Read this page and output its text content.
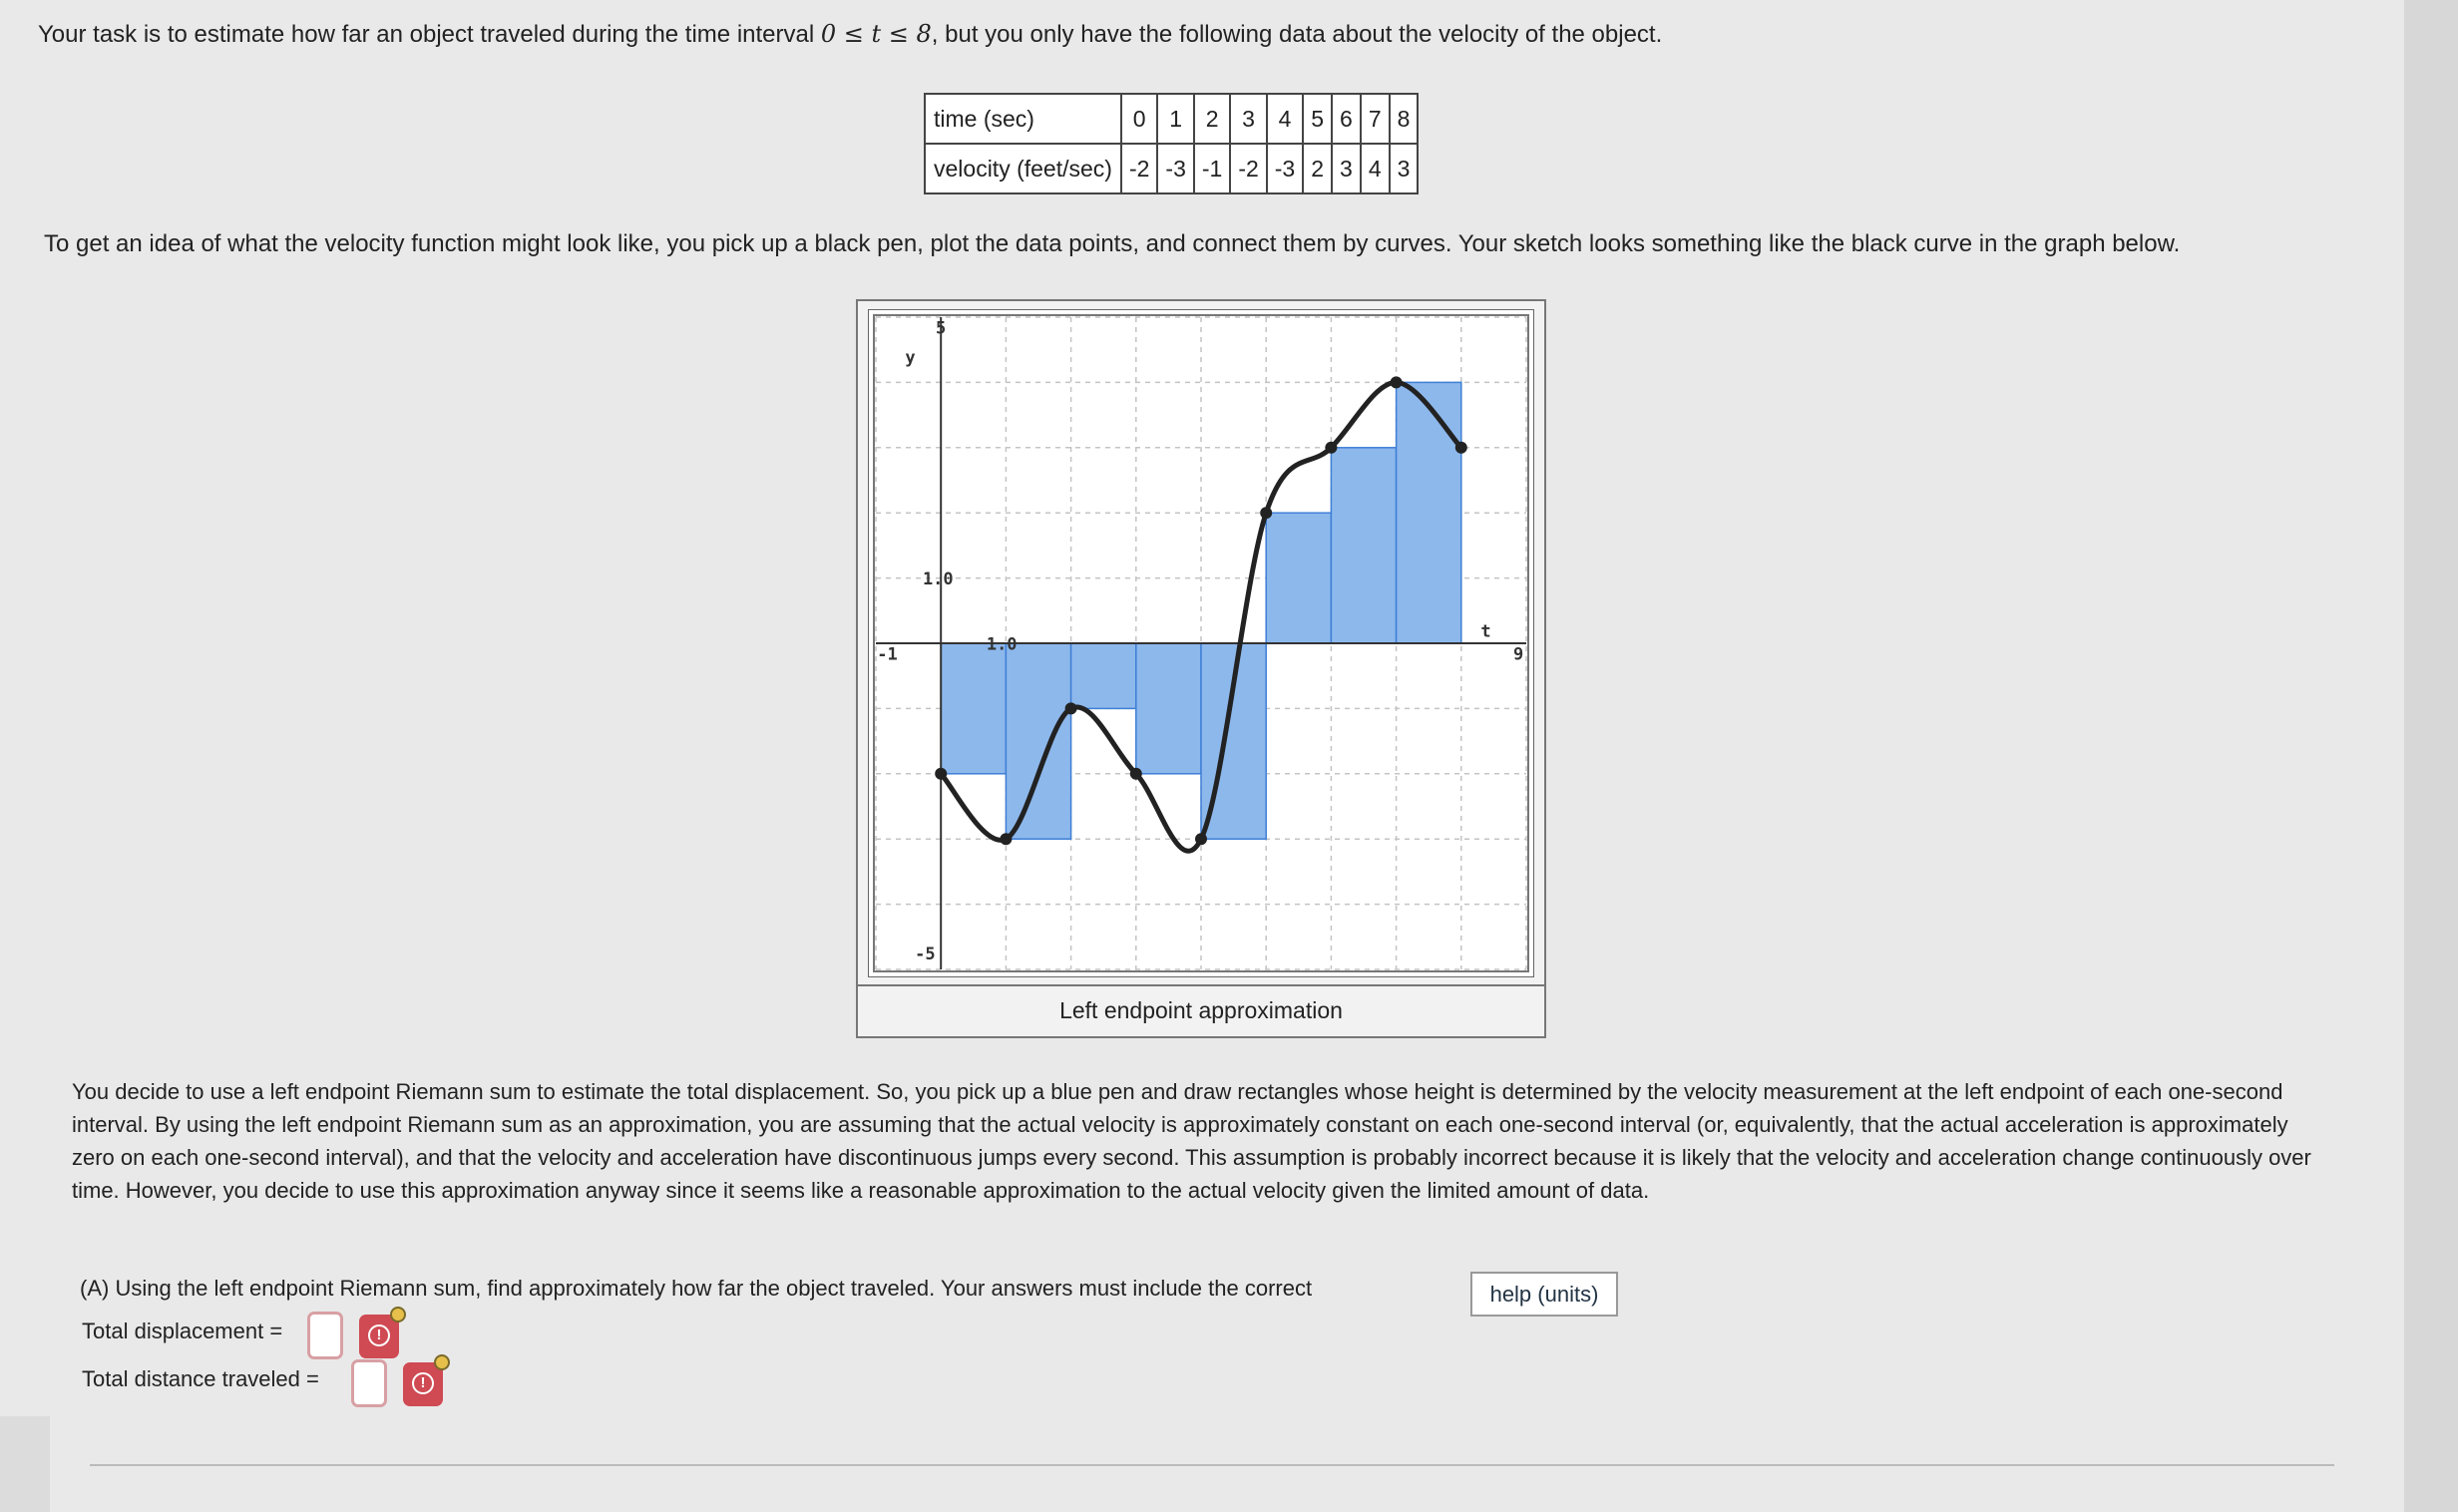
Your task is to estimate how far an object traveled during the time interval 0 ≤ t ≤ 8, but you only have the following data about the velocity of the object.

time (sec)	0	1	2	3	4	5	6	7	8
velocity (feet/sec)	-2	-3	-1	-2	-3	2	3	4	3

To get an idea of what the velocity function might look like, you pick up a black pen, plot the data points, and connect them by curves. Your sketch looks something like the black curve in the graph below.

y
t
5
-5
-1	9
1.0
1.0
Left endpoint approximation

You decide to use a left endpoint Riemann sum to estimate the total displacement. So, you pick up a blue pen and draw rectangles whose height is determined by the velocity measurement at the left endpoint of each one-second interval. By using the left endpoint Riemann sum as an approximation, you are assuming that the actual velocity is approximately constant on each one-second interval (or, equivalently, that the actual acceleration is approximately zero on each one-second interval), and that the velocity and acceleration have discontinuous jumps every second. This assumption is probably incorrect because it is likely that the velocity and acceleration change continuously over time. However, you decide to use this approximation anyway since it seems like a reasonable approximation to the actual velocity given the limited amount of data.

(A) Using the left endpoint Riemann sum, find approximately how far the object traveled. Your answers must include the correct	help (units)
Total displacement =	!
Total distance traveled =	!
